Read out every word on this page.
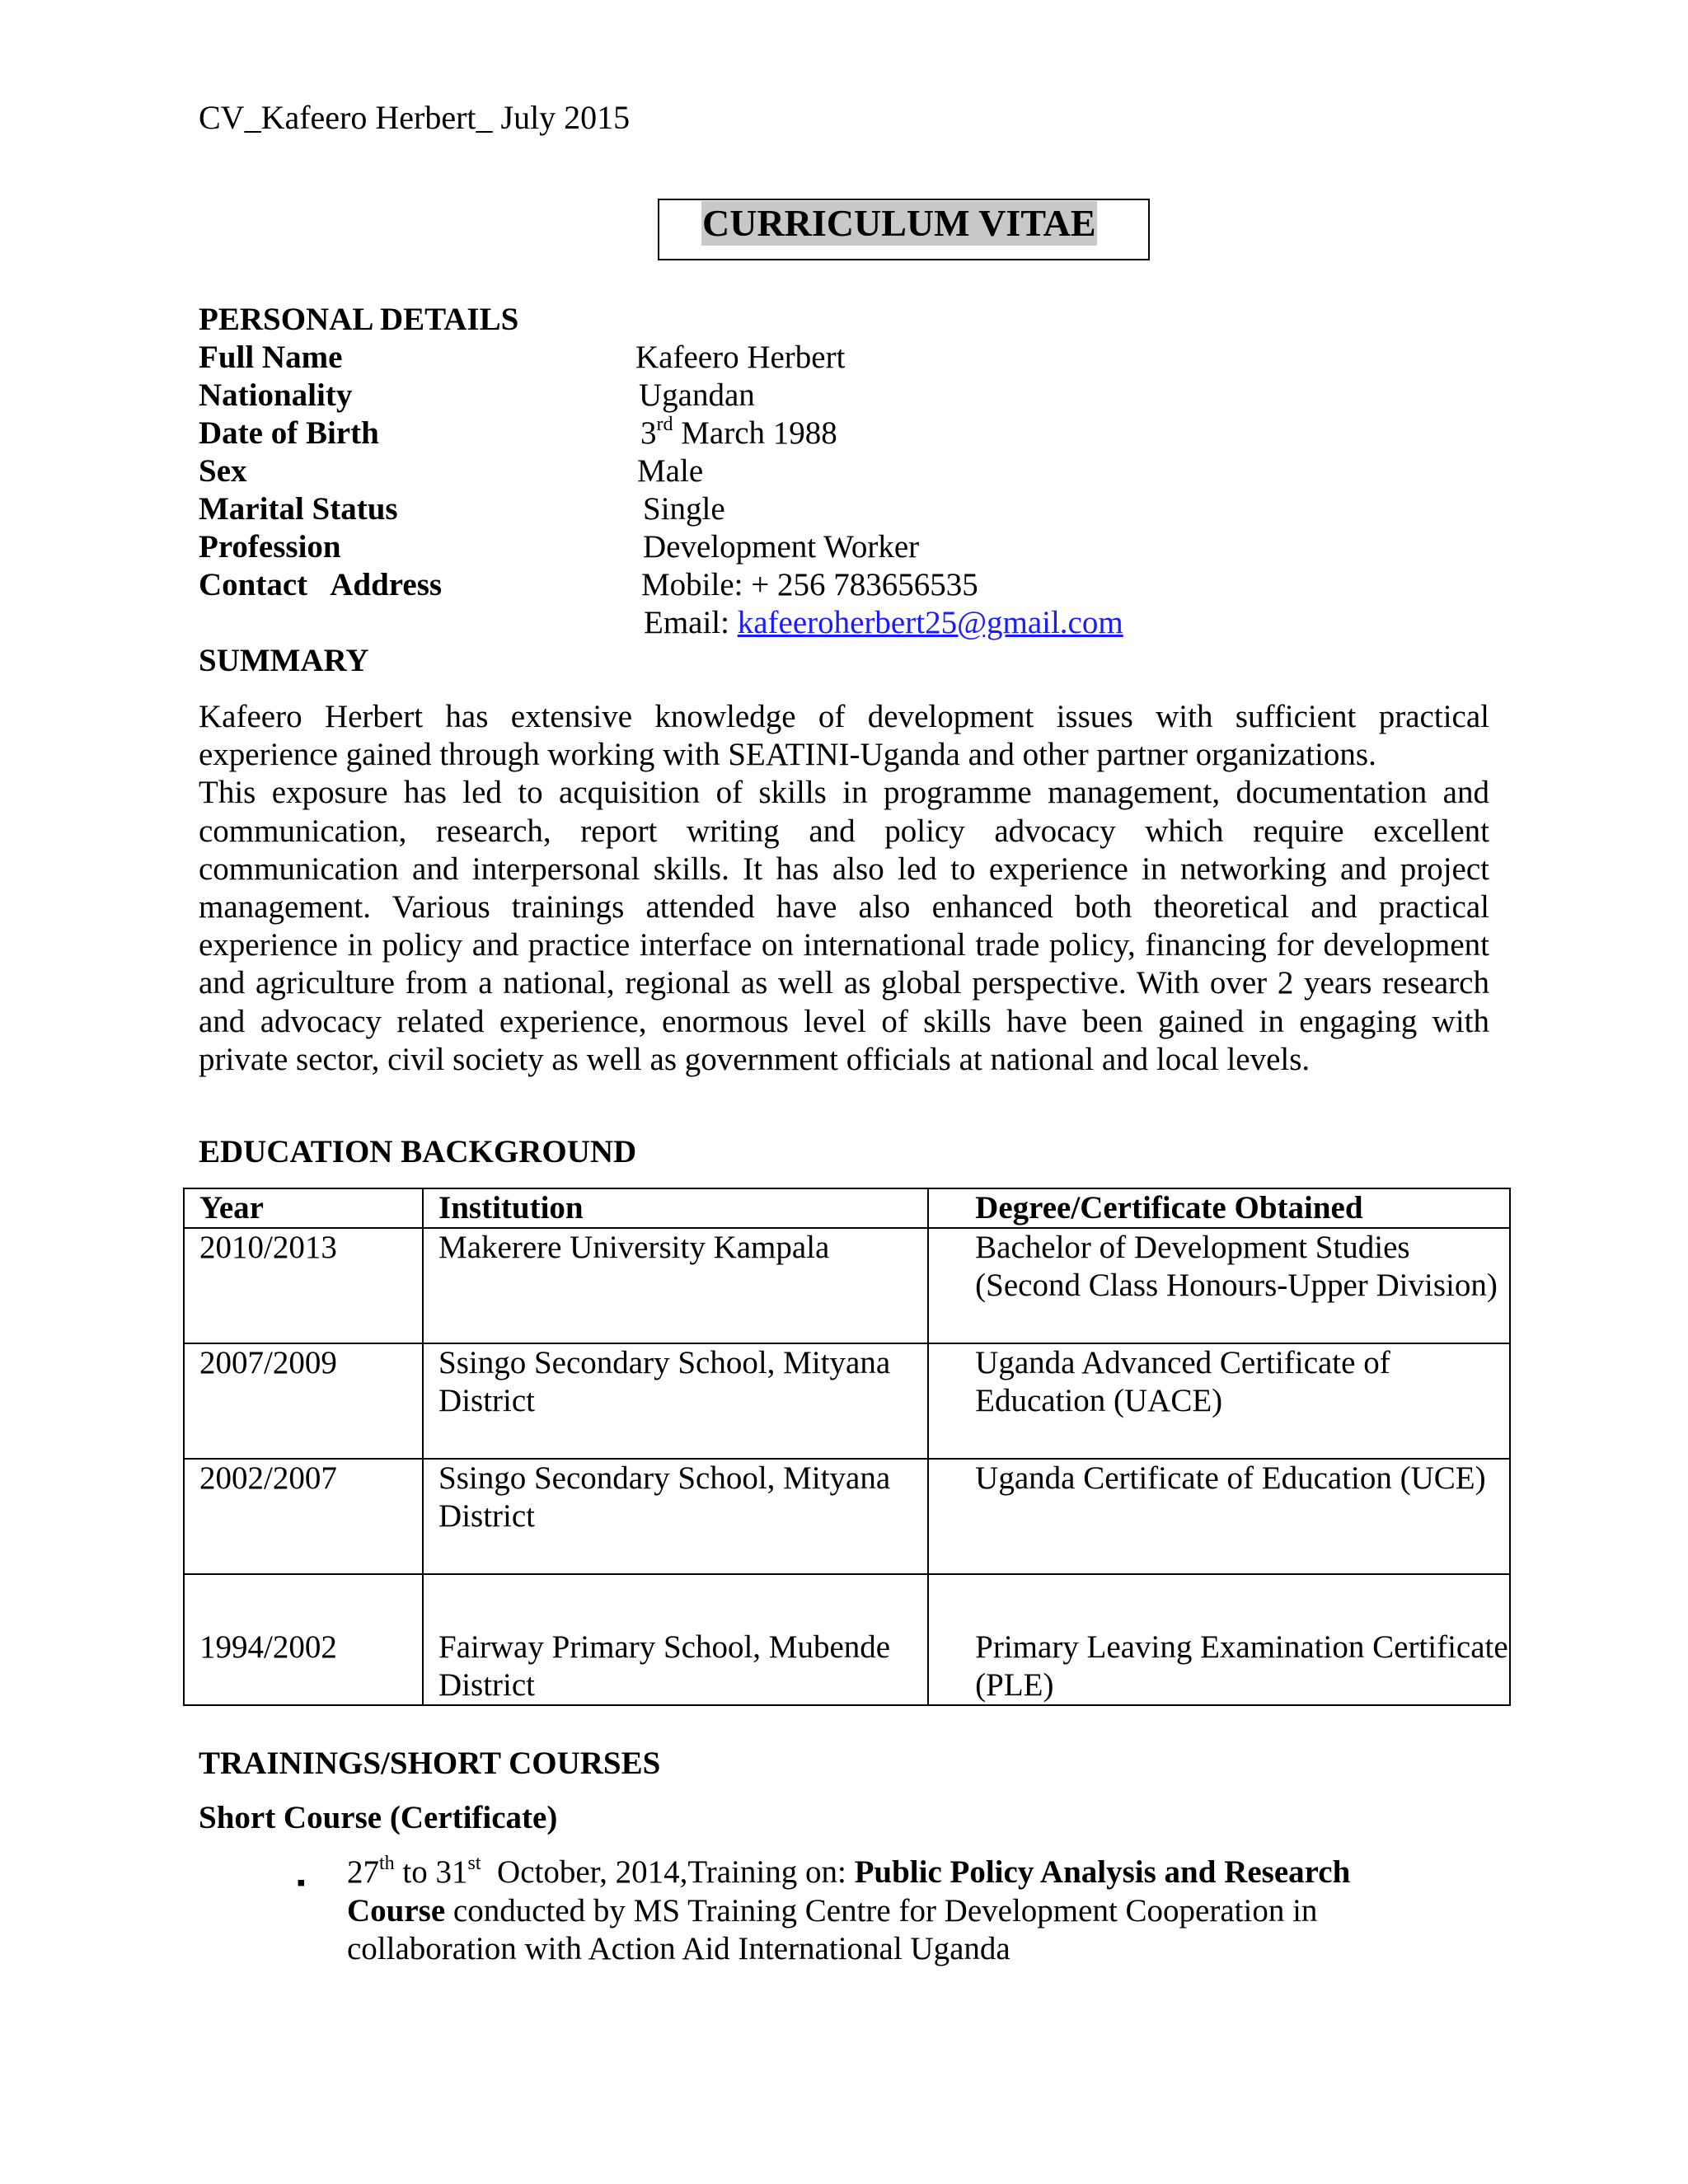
CV_Kafeero Herbert_ July 2015
CURRICULUM VITAE
PERSONAL DETAILS
Full Name	Kafeero Herbert
Nationality	Ugandan
Date of Birth	3rd March 1988
Sex	Male
Marital Status	Single
Profession	Development Worker
Contact   Address	Mobile: + 256 783656535
Email: kafeeroherbert25@gmail.com
SUMMARY

Kafeero Herbert has extensive knowledge of development issues with sufficient practical experience gained through working with SEATINI-Uganda and other partner organizations.

This exposure has led to acquisition of skills in programme management, documentation and communication, research, report writing and policy advocacy which require excellent communication and interpersonal skills. It has also led to experience in networking and project management. Various trainings attended have also enhanced both theoretical and practical experience in policy and practice interface on international trade policy, financing for development and agriculture from a national, regional as well as global perspective. With over 2 years research and advocacy related experience, enormous level of skills have been gained in engaging with private sector, civil society as well as government officials at national and local levels.

EDUCATION BACKGROUND
Year	Institution	Degree/Certificate Obtained

2010/2013	Makerere University Kampala	Bachelor of Development Studies (Second Class Honours-Upper Division)

2007/2009	Ssingo Secondary School, Mityana District	Uganda Advanced Certificate of Education (UACE)

2002/2007	Ssingo Secondary School, Mityana District	Uganda Certificate of Education (UCE)

1994/2002	Fairway Primary School, Mubende District	Primary Leaving Examination Certificate (PLE)
TRAININGS/SHORT COURSES
Short Course (Certificate)
▪ 27th to 31st  October, 2014,Training on: Public Policy Analysis and Research Course conducted by MS Training Centre for Development Cooperation in collaboration with Action Aid International Uganda
